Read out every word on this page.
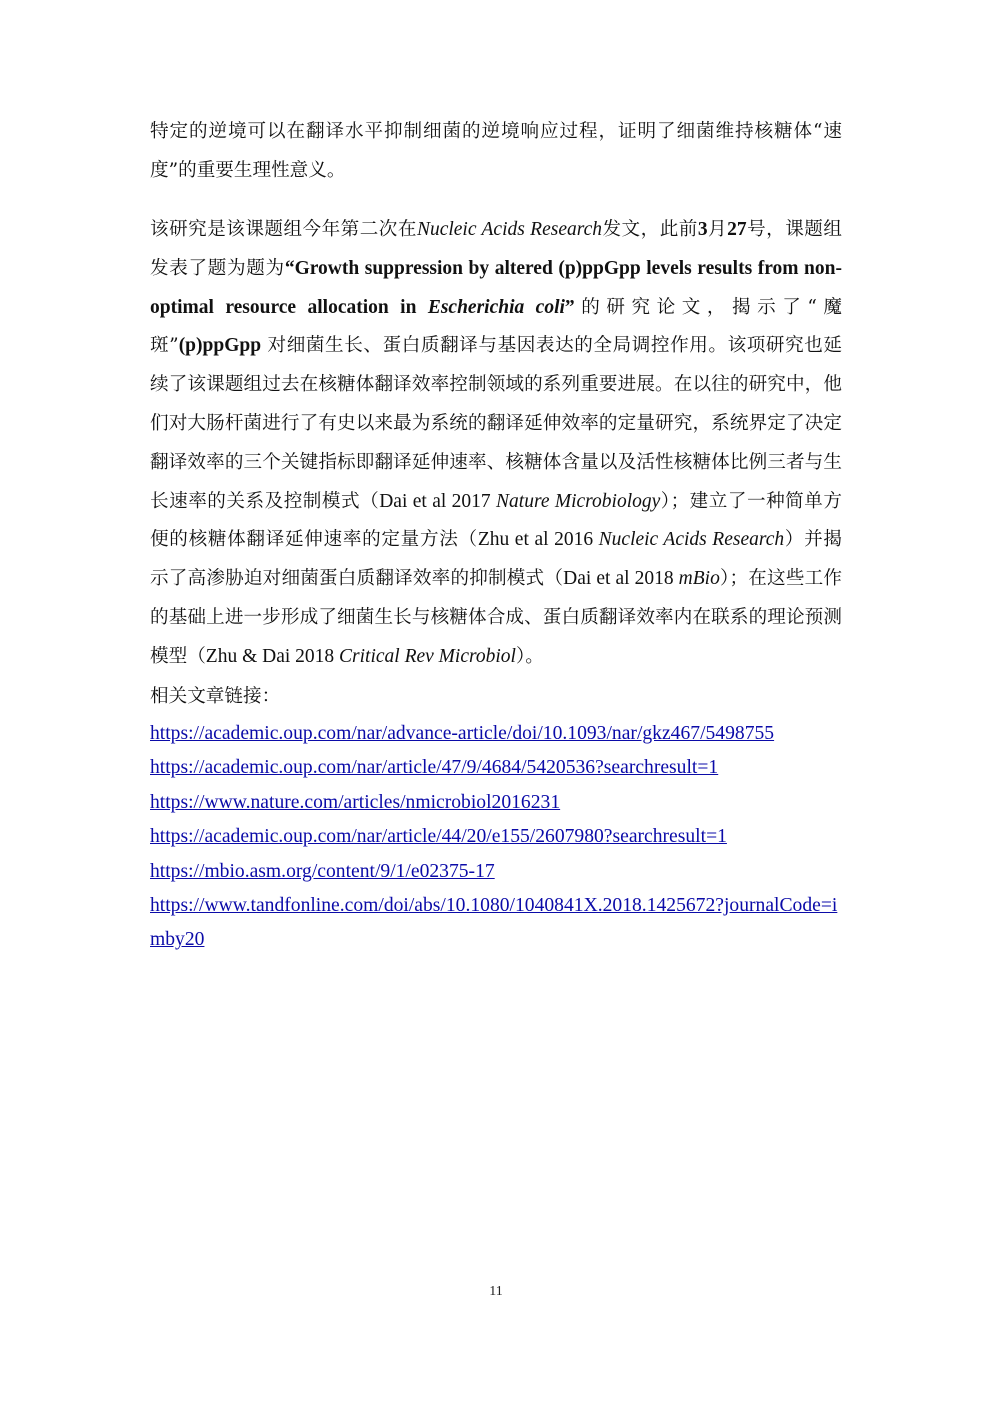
特定的逆境可以在翻译水平抑制细菌的逆境响应过程，证明了细菌维持核糖体“速度”的重要生理性意义。

该研究是该课题组今年第二次在Nucleic Acids Research发文，此前3月27号，课题组发表了题为题为“Growth suppression by altered (p)ppGpp levels results from non-optimal resource allocation in Escherichia coli”的研究论文，揭示了“魔斑”(p)ppGpp 对细菌生长、蛋白质翻译与基因表达的全局调控作用。该项研究也延续了该课题组过去在核糖体翻译效率控制领域的系列重要进展。在以往的研究中，他们对大肠杆菌进行了有史以来最为系统的翻译延伸效率的定量研究，系统界定了决定翻译效率的三个关键指标即翻译延伸速率、核糖体含量以及活性核糖体比例三者与生长速率的关系及控制模式（Dai et al 2017 Nature Microbiology）；建立了一种简单方便的核糖体翻译延伸速率的定量方法（Zhu et al 2016 Nucleic Acids Research）并揭示了高渗胁迫对细菌蛋白质翻译效率的抑制模式（Dai et al 2018 mBio）；在这些工作的基础上进一步形成了细菌生长与核糖体合成、蛋白质翻译效率内在联系的理论预测模型（Zhu & Dai 2018 Critical Rev Microbiol）。

相关文章链接：

https://academic.oup.com/nar/advance-article/doi/10.1093/nar/gkz467/5498755
https://academic.oup.com/nar/article/47/9/4684/5420536?searchresult=1
https://www.nature.com/articles/nmicrobiol2016231
https://academic.oup.com/nar/article/44/20/e155/2607980?searchresult=1
https://mbio.asm.org/content/9/1/e02375-17
https://www.tandfonline.com/doi/abs/10.1080/1040841X.2018.1425672?journalCode=imby20
11
